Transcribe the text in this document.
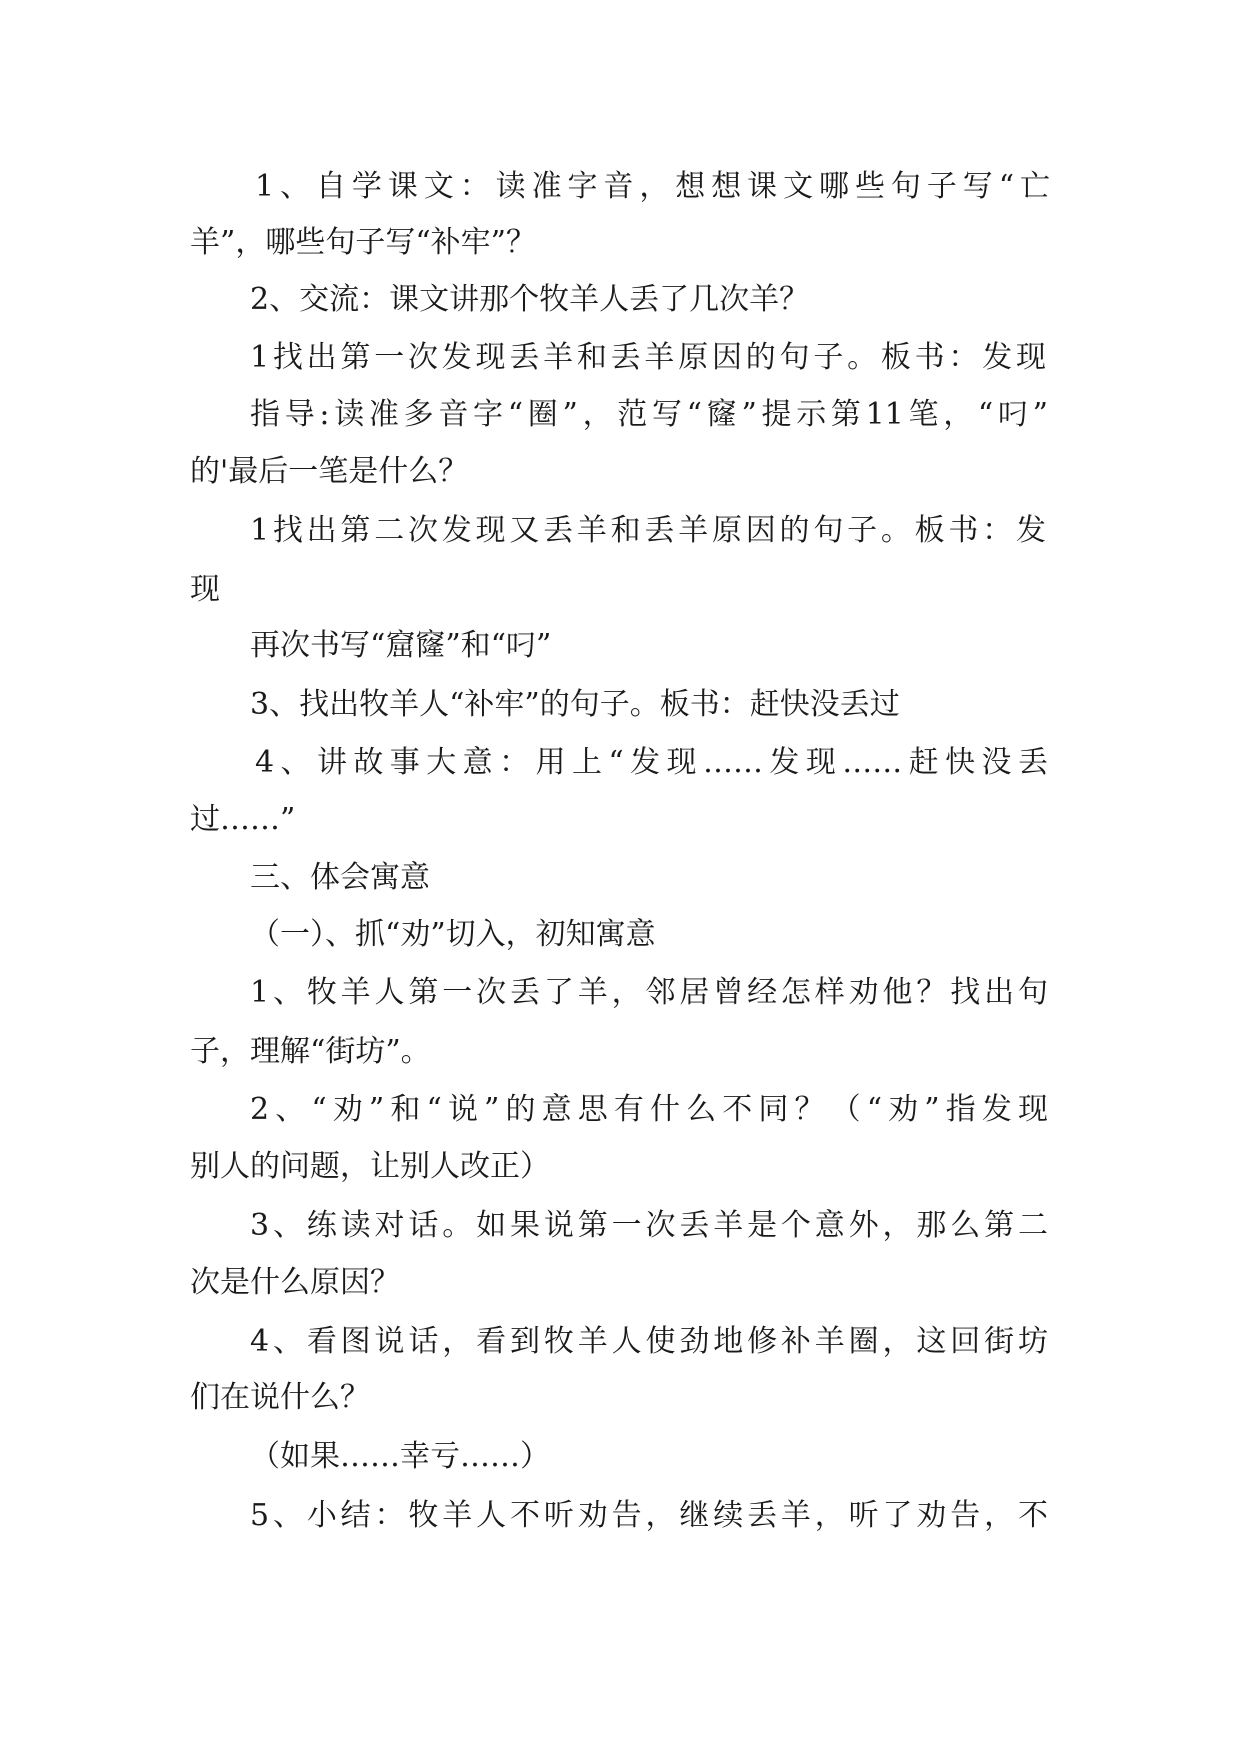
1、自学课文：读准字音，想想课文哪些句子写“亡
羊”，哪些句子写“补牢”？
2、交流：课文讲那个牧羊人丢了几次羊？
1找出第一次发现丢羊和丢羊原因的句子。板书：发现
指导:读准多音字“圈”，范写“窿”提示第11笔，“叼”
的'最后一笔是什么？
1找出第二次发现又丢羊和丢羊原因的句子。板书：发
现
再次书写“窟窿”和“叼”
3、找出牧羊人“补牢”的句子。板书：赶快没丢过
4、讲故事大意：用上“发现……发现……赶快没丢
过……”
三、体会寓意
（一）、抓“劝”切入，初知寓意
1、牧羊人第一次丢了羊，邻居曾经怎样劝他？找出句
子，理解“街坊”。
2、“劝”和“说”的意思有什么不同？（“劝”指发现
别人的问题，让别人改正）
3、练读对话。如果说第一次丢羊是个意外，那么第二
次是什么原因？
4、看图说话，看到牧羊人使劲地修补羊圈，这回街坊
们在说什么？
（如果……幸亏……）
5、小结：牧羊人不听劝告，继续丢羊，听了劝告，不
